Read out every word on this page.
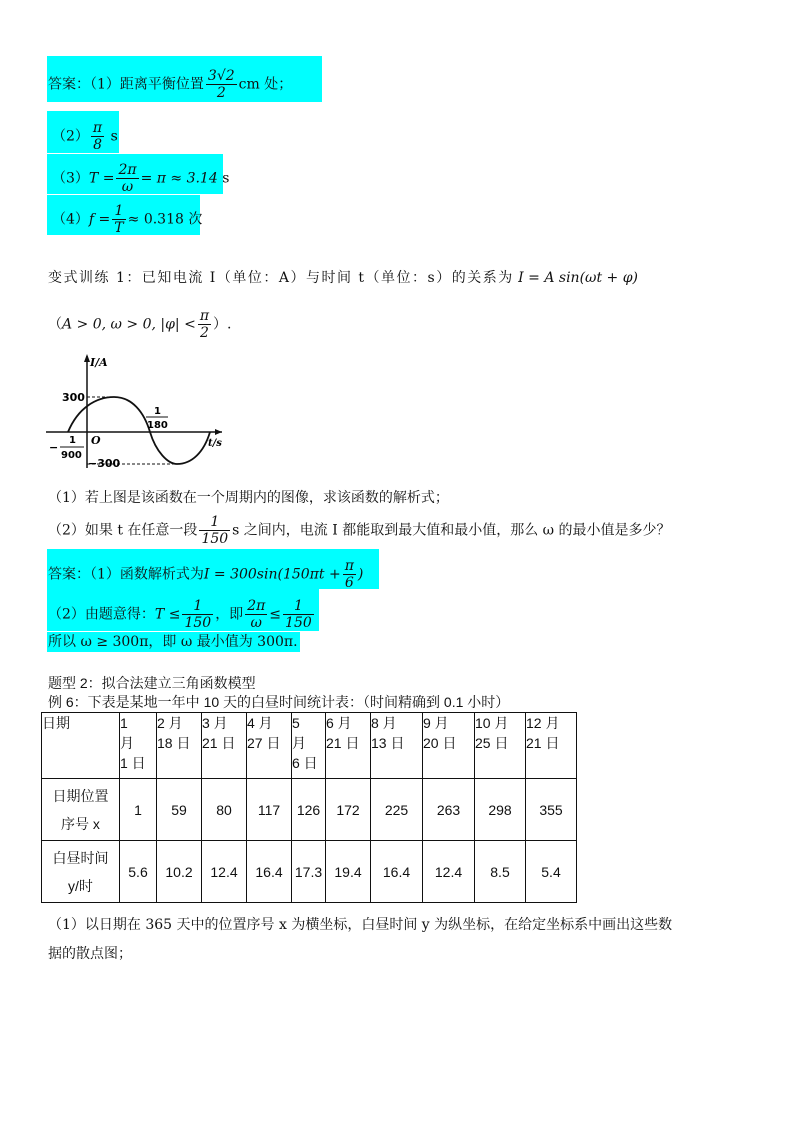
答案：（1）距离平衡位置 $\frac{3√2}{2}$ cm 处；
$(2) \frac{\pi}{8}$ s
$(3)T = \frac{2\pi}{\omega} = \pi \approx 3.14$ s
$(4)f = \frac{1}{T} \approx 0.318$ 次
变式训练 1：已知电流 I（单位：A）与时间 t（单位：s）的关系为 I = A sin(ωt + φ)
（A > 0, ω > 0, $|\varphi| < \frac{\pi}{2}$ ）.
I/A
t/s
300
−300
O
1
900
−
1
180
（1）若上图是该函数在一个周期内的图像，求该函数的解析式；
（2）如果 t 在任意一段 $\frac{1}{150}$ s 之间内，电流 I 都能取到最大值和最小值，那么 ω 的最小值是多少？
答案：（1）函数解析式为$I = 300\sin(150\pi t + \frac{\pi}{6}$ )
（2）由题意得：$T \le \frac{1}{150}$ ，即 $\frac{2\pi}{\omega} \le \frac{1}{150}$
所以 ω ≥ 300π，即 ω 最小值为 300π.
题型 2：拟合法建立三角函数模型
例 6：下表是某地一年中 10 天的白昼时间统计表：（时间精确到 0.1 小时）
日期	1
月
1 日	2 月
18 日	3 月
21 日	4 月
27 日	5
月
6 日	6 月
21 日	8 月
13 日	9 月
20 日	10 月
25 日	12 月
21 日

日期位置
序号 x	1	59	80	117	126	172	225	263	298	355
白昼时间
y/时	5.6	10.2	12.4	16.4	17.3	19.4	16.4	12.4	8.5	5.4
（1）以日期在 365 天中的位置序号 x 为横坐标，白昼时间 y 为纵坐标，在给定坐标系中画出这些数
据的散点图；
